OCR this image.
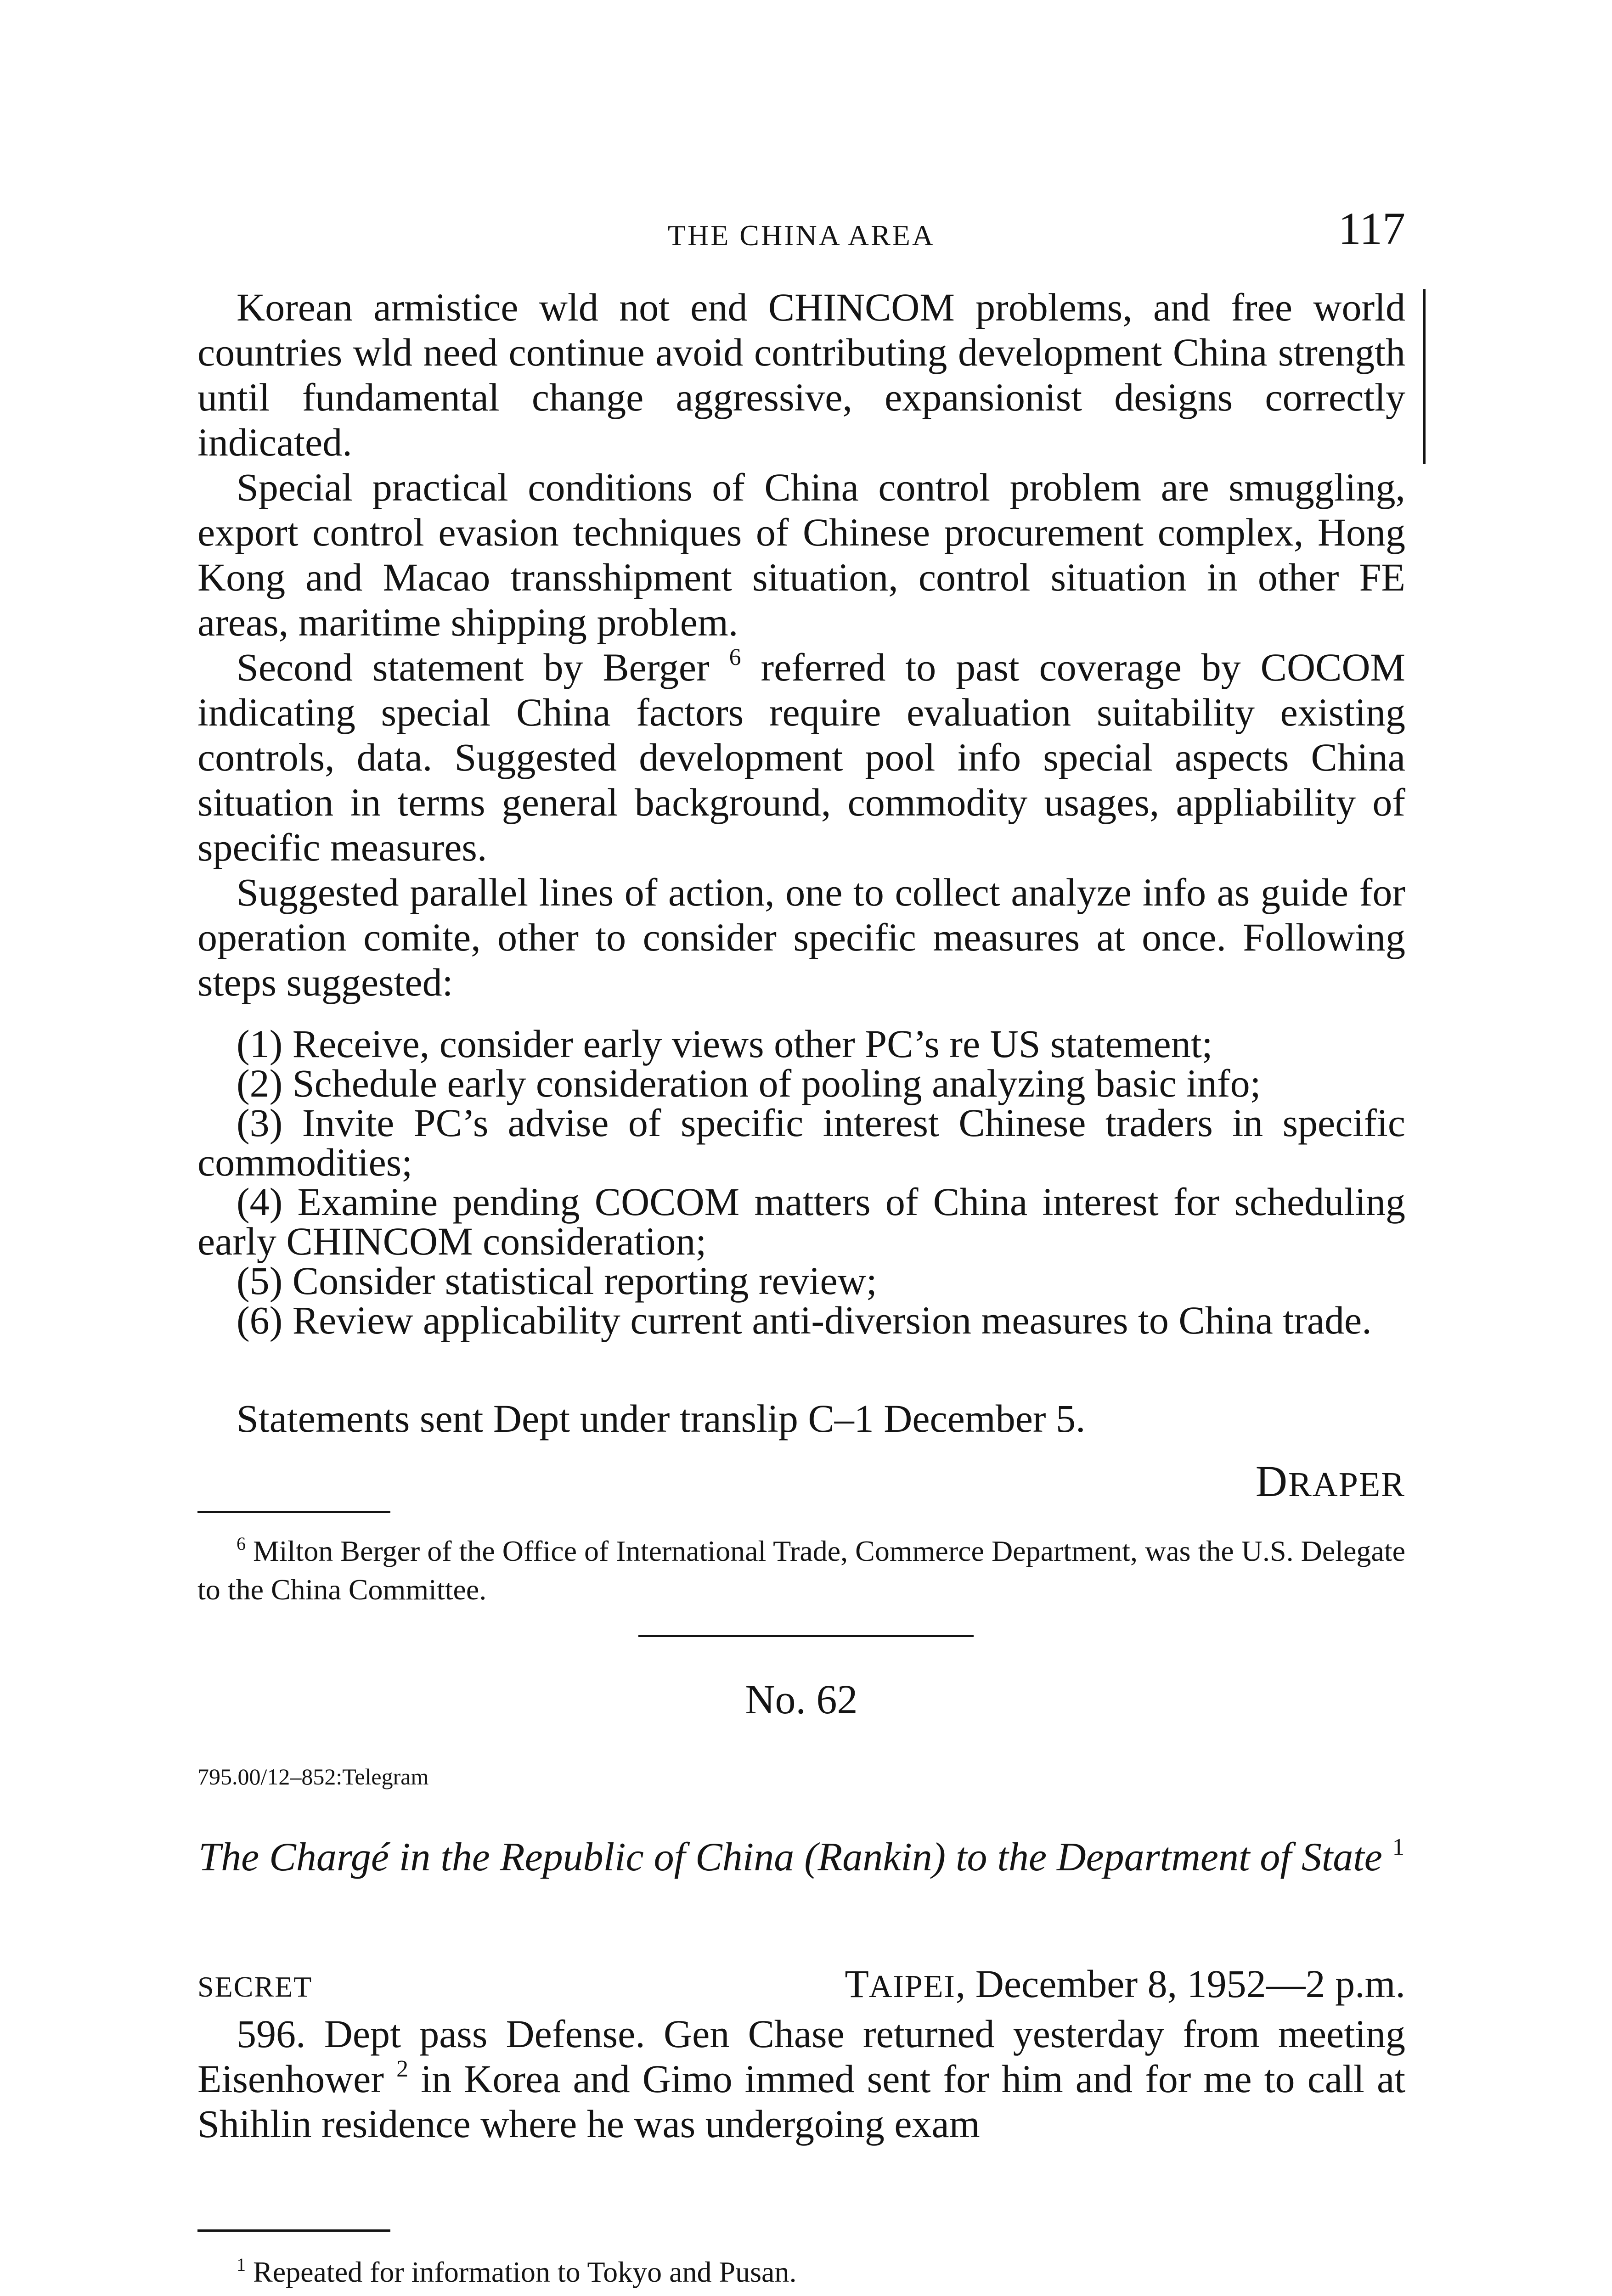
THE CHINA AREA	117

Korean armistice wld not end CHINCOM problems, and free world countries wld need continue avoid contributing development China strength until fundamental change aggressive, expansionist designs correctly indicated.

Special practical conditions of China control problem are smuggling, export control evasion techniques of Chinese procurement complex, Hong Kong and Macao transshipment situation, control situation in other FE areas, maritime shipping problem.

Second statement by Berger $^6$ referred to past coverage by COCOM indicating special China factors require evaluation suitability existing controls, data. Suggested development pool info special aspects China situation in terms general background, commodity usages, appliability of specific measures.

Suggested parallel lines of action, one to collect analyze info as guide for operation comite, other to consider specific measures at once. Following steps suggested:

(1) Receive, consider early views other PC’s re US statement;

(2) Schedule early consideration of pooling analyzing basic info;

(3) Invite PC’s advise of specific interest Chinese traders in specific commodities;

(4) Examine pending COCOM matters of China interest for scheduling early CHINCOM consideration;

(5) Consider statistical reporting review;

(6) Review applicability current anti-diversion measures to China trade.

Statements sent Dept under translip C–1 December 5.
DRAPER

$^6$ Milton Berger of the Office of International Trade, Commerce Department, was the U.S. Delegate to the China Committee.

No. 62
795.00/12–852:Telegram
The Chargé in the Republic of China (Rankin) to the Department of State $^1$
SECRET	TAIPEI, December 8, 1952—2 p.m.

596. Dept pass Defense. Gen Chase returned yesterday from meeting Eisenhower $^2$ in Korea and Gimo immed sent for him and for me to call at Shihlin residence where he was undergoing exam

$^1$ Repeated for information to Tokyo and Pusan.
